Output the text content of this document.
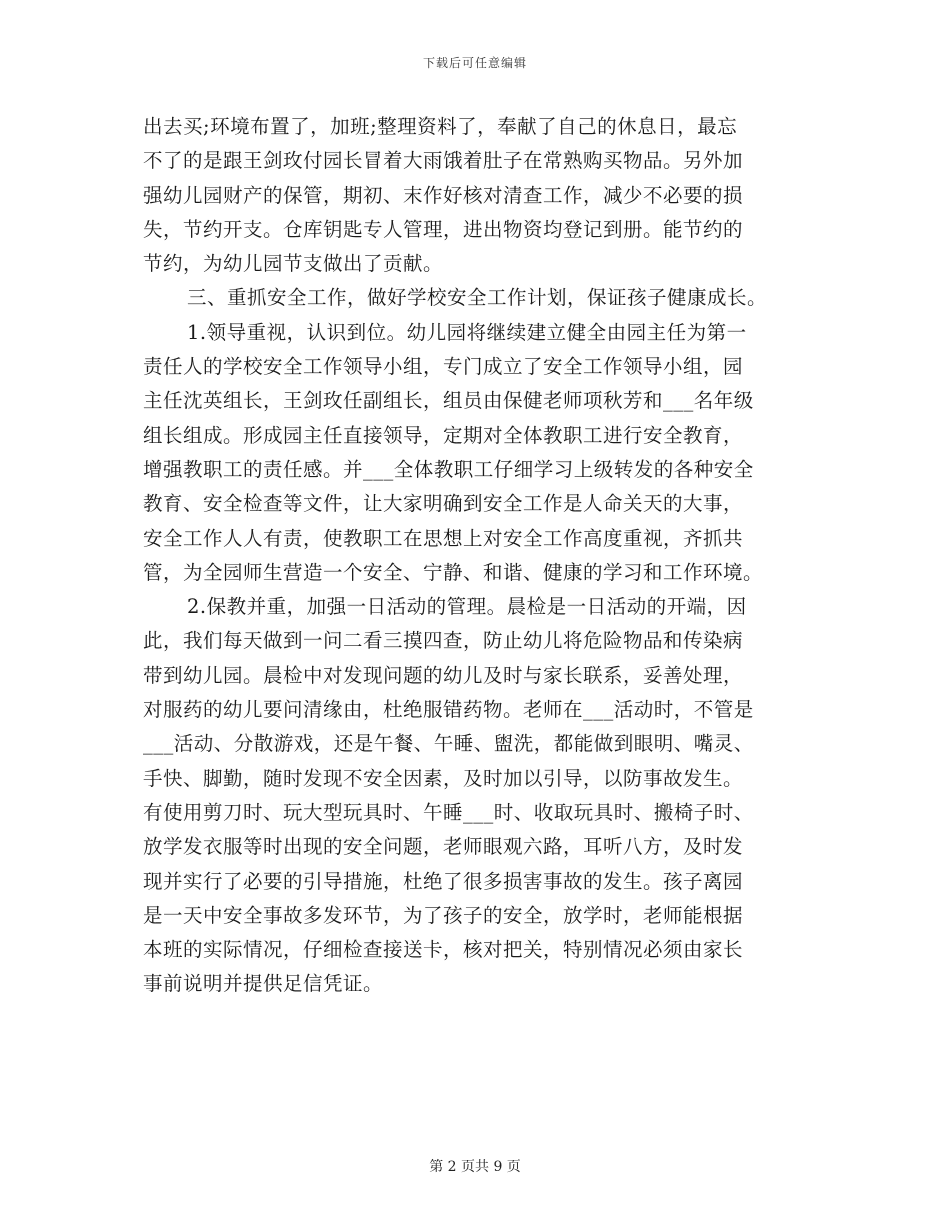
下载后可任意编辑
出去买;环境布置了，加班;整理资料了，奉献了自己的休息日，最忘
不了的是跟王剑玫付园长冒着大雨饿着肚子在常熟购买物品。另外加
强幼儿园财产的保管，期初、末作好核对清查工作，减少不必要的损
失，节约开支。仓库钥匙专人管理，进出物资均登记到册。能节约的
节约，为幼儿园节支做出了贡献。
三、重抓安全工作，做好学校安全工作计划，保证孩子健康成长。
1.领导重视，认识到位。幼儿园将继续建立健全由园主任为第一
责任人的学校安全工作领导小组，专门成立了安全工作领导小组，园
主任沈英组长，王剑玫任副组长，组员由保健老师项秋芳和___名年级
组长组成。形成园主任直接领导，定期对全体教职工进行安全教育，
增强教职工的责任感。并___全体教职工仔细学习上级转发的各种安全
教育、安全检查等文件，让大家明确到安全工作是人命关天的大事，
安全工作人人有责，使教职工在思想上对安全工作高度重视，齐抓共
管，为全园师生营造一个安全、宁静、和谐、健康的学习和工作环境。
2.保教并重，加强一日活动的管理。晨检是一日活动的开端，因
此，我们每天做到一问二看三摸四查，防止幼儿将危险物品和传染病
带到幼儿园。晨检中对发现问题的幼儿及时与家长联系，妥善处理，
对服药的幼儿要问清缘由，杜绝服错药物。老师在___活动时，不管是
___活动、分散游戏，还是午餐、午睡、盥洗，都能做到眼明、嘴灵、
手快、脚勤，随时发现不安全因素，及时加以引导，以防事故发生。
有使用剪刀时、玩大型玩具时、午睡___时、收取玩具时、搬椅子时、
放学发衣服等时出现的安全问题，老师眼观六路，耳听八方，及时发
现并实行了必要的引导措施，杜绝了很多损害事故的发生。孩子离园
是一天中安全事故多发环节，为了孩子的安全，放学时，老师能根据
本班的实际情况，仔细检查接送卡，核对把关，特别情况必须由家长
事前说明并提供足信凭证。
第 2 页共 9 页
